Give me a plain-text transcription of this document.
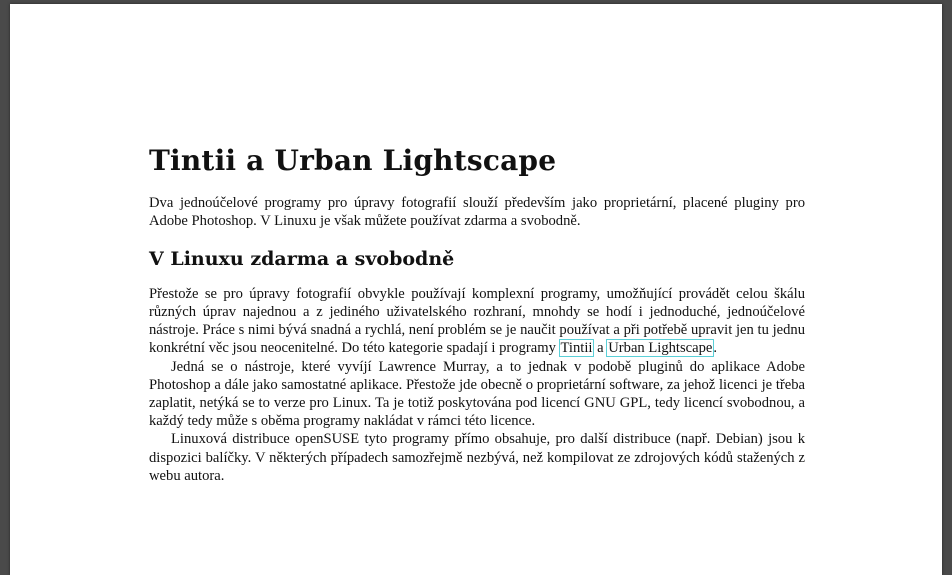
Tintii a Urban Lightscape

Dva jednoúčelové programy pro úpravy fotografií slouží především jako proprietární, placené pluginy pro Adobe Photoshop. V Linuxu je však můžete používat zdarma a svobodně.

V Linuxu zdarma a svobodně

Přestože se pro úpravy fotografií obvykle používají komplexní programy, umožňující provádět celou škálu různých úprav najednou a z jediného uživatelského rozhraní, mnohdy se hodí i jednoduché, jednoúčelové nástroje. Práce s nimi bývá snadná a rychlá, není problém se je naučit používat a při potřebě upravit jen tu jednu konkrétní věc jsou neocenitelné. Do této kategorie spadají i programy Tintii a Urban Lightscape.

Jedná se o nástroje, které vyvíjí Lawrence Murray, a to jednak v podobě pluginů do aplikace Adobe Photoshop a dále jako samostatné aplikace. Přestože jde obecně o proprietární software, za jehož licenci je třeba zaplatit, netýká se to verze pro Linux. Ta je totiž poskytována pod licencí GNU GPL, tedy licencí svobodnou, a každý tedy může s oběma programy nakládat v rámci této licence.

Linuxová distribuce openSUSE tyto programy přímo obsahuje, pro další distribuce (např. Debian) jsou k dispozici balíčky. V některých případech samozřejmě nezbývá, než kompilovat ze zdrojových kódů stažených z webu autora.
